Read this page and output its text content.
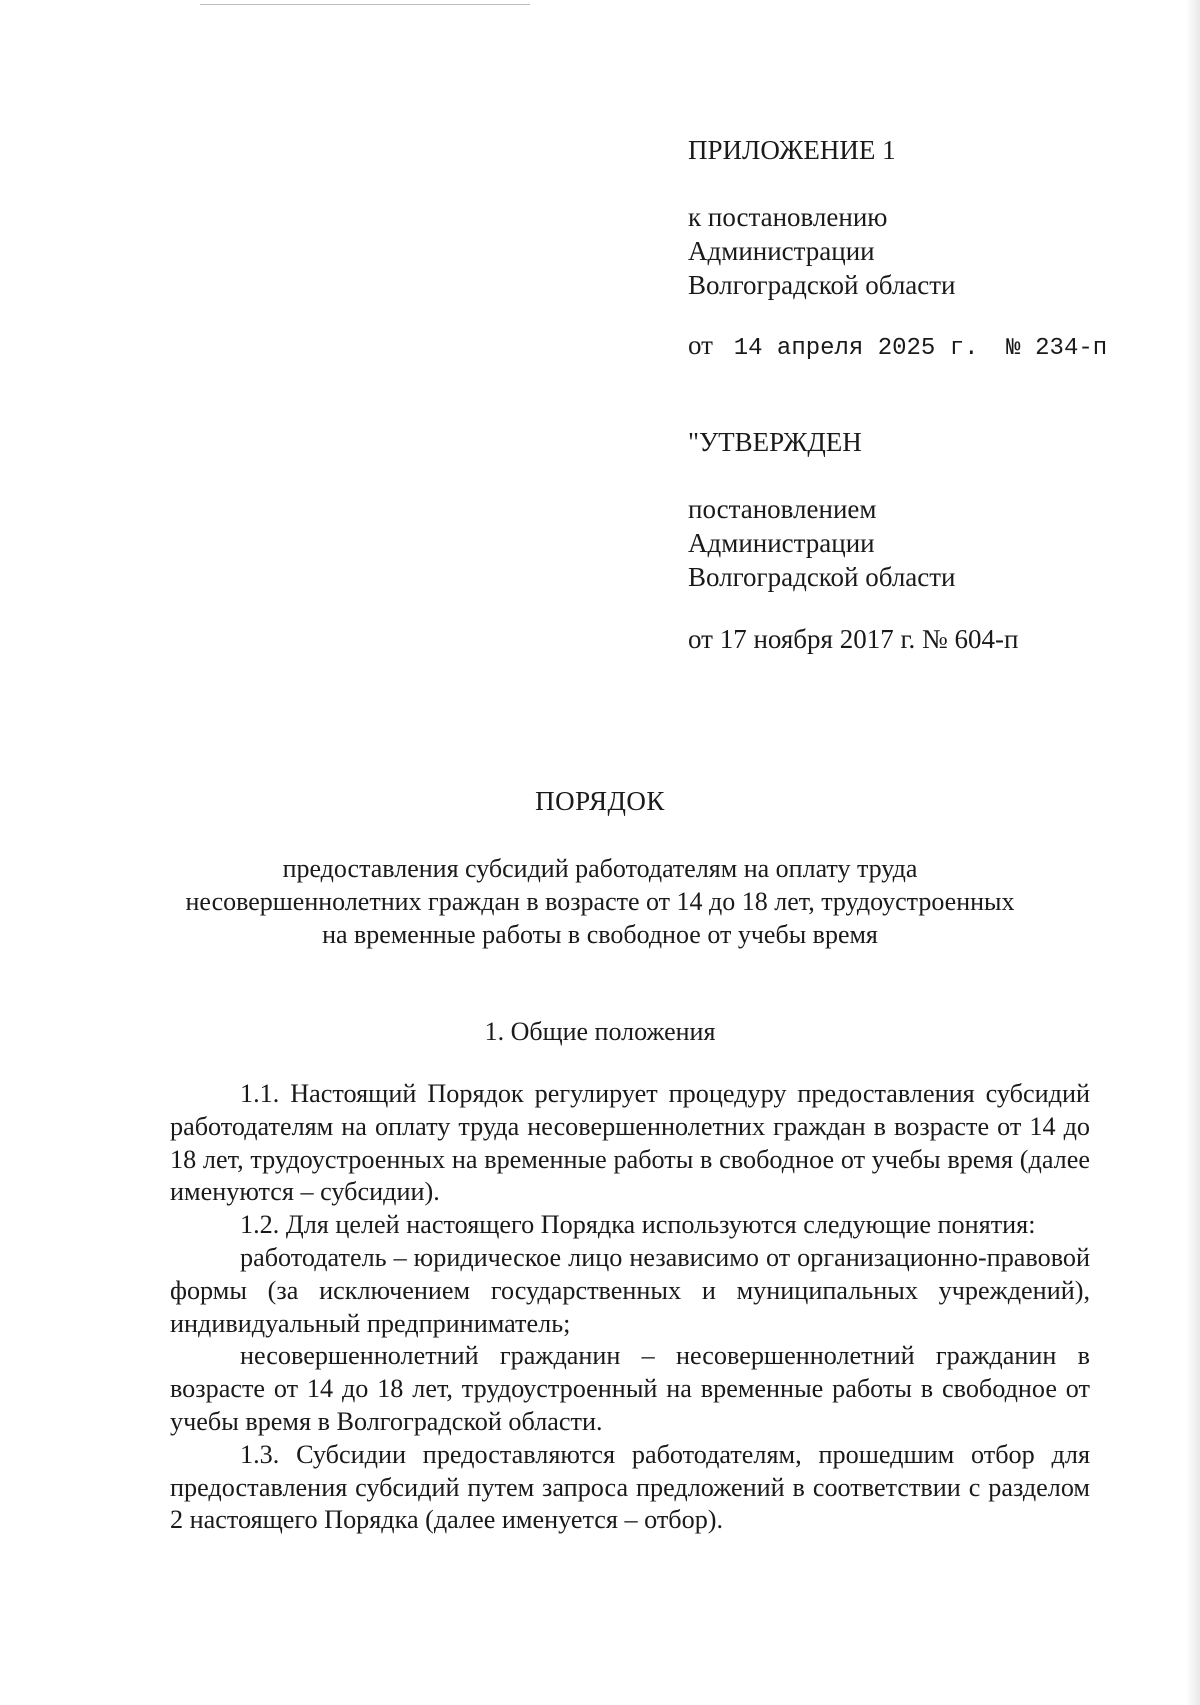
ПРИЛОЖЕНИЕ 1
к постановлению
Администрации
Волгоградской области
от 14 апреля 2025 г. № 234-п
"УТВЕРЖДЕН
постановлением
Администрации
Волгоградской области
от 17 ноября 2017 г. № 604-п
ПОРЯДОК
предоставления субсидий работодателям на оплату труда
несовершеннолетних граждан в возрасте от 14 до 18 лет, трудоустроенных
на временные работы в свободное от учебы время
1. Общие положения

1.1. Настоящий Порядок регулирует процедуру предоставления субсидий работодателям на оплату труда несовершеннолетних граждан в возрасте от 14 до 18 лет, трудоустроенных на временные работы в свободное от учебы время (далее именуются – субсидии).

1.2. Для целей настоящего Порядка используются следующие понятия:

работодатель – юридическое лицо независимо от организационно-правовой формы (за исключением государственных и муниципальных учреждений), индивидуальный предприниматель;

несовершеннолетний гражданин – несовершеннолетний гражданин в возрасте от 14 до 18 лет, трудоустроенный на временные работы в свободное от учебы время в Волгоградской области.

1.3. Субсидии предоставляются работодателям, прошедшим отбор для предоставления субсидий путем запроса предложений в соответствии с разделом 2 настоящего Порядка (далее именуется – отбор).
